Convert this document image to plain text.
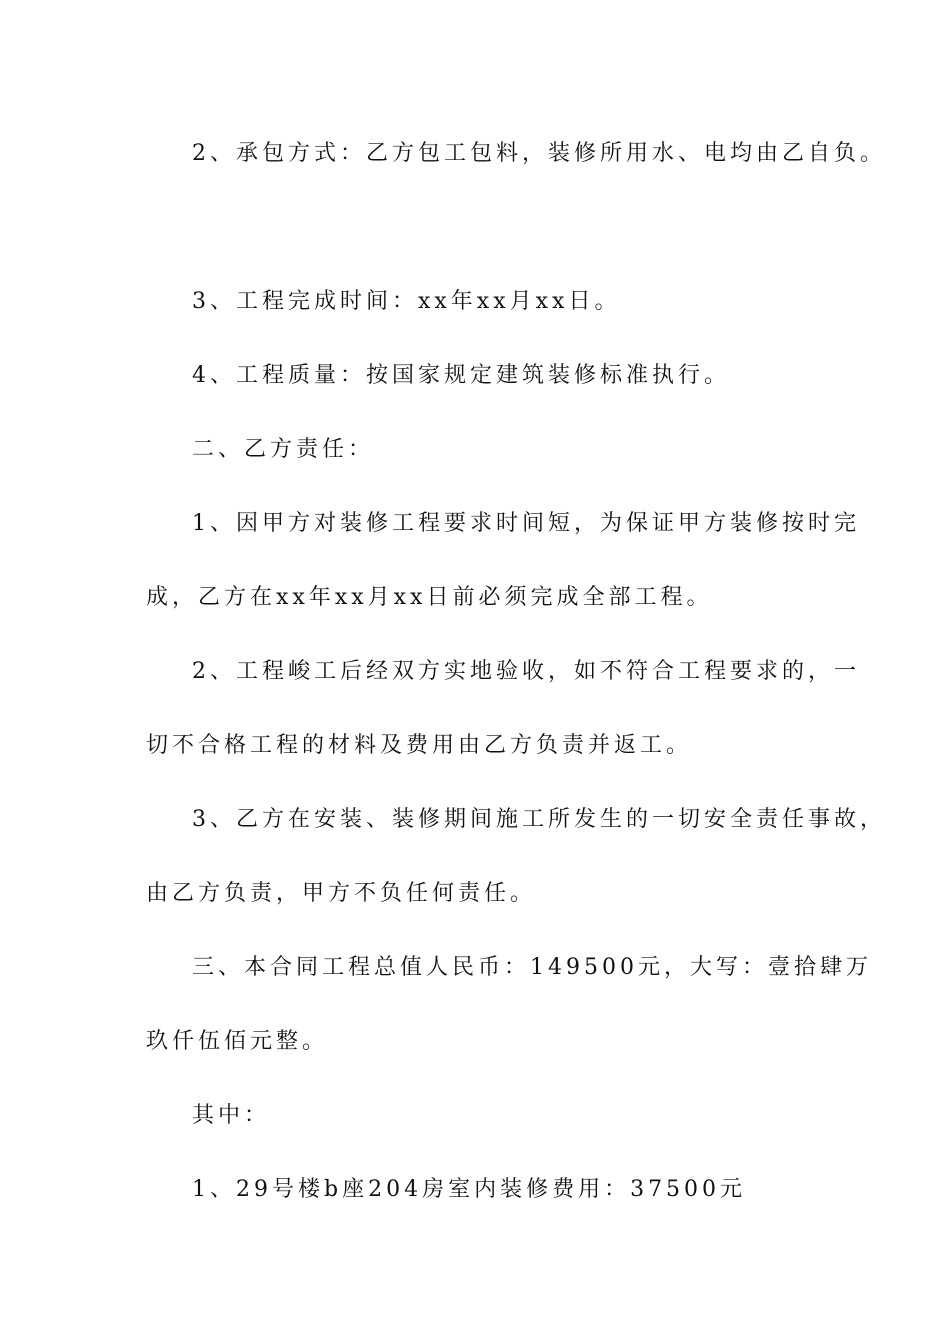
2、承包方式：乙方包工包料，装修所用水、电均由乙自负。
3、工程完成时间：xx年xx月xx日。
4、工程质量：按国家规定建筑装修标准执行。
二、乙方责任：
1、因甲方对装修工程要求时间短，为保证甲方装修按时完
成，乙方在xx年xx月xx日前必须完成全部工程。
2、工程峻工后经双方实地验收，如不符合工程要求的，一
切不合格工程的材料及费用由乙方负责并返工。
3、乙方在安装、装修期间施工所发生的一切安全责任事故，
由乙方负责，甲方不负任何责任。
三、本合同工程总值人民币：149500元，大写：壹拾肆万
玖仟伍佰元整。
其中：
1、29号楼b座204房室内装修费用：37500元
